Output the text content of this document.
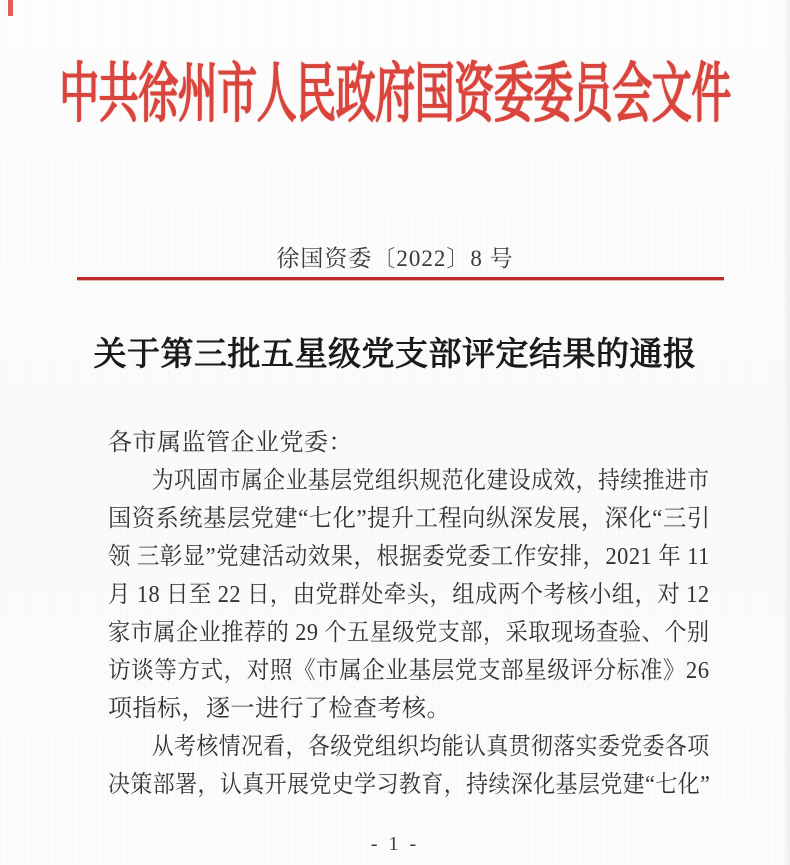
中共徐州市人民政府国资委委员会文件
徐国资委〔2022〕8 号
关于第三批五星级党支部评定结果的通报
各市属监管企业党委：
为巩固市属企业基层党组织规范化建设成效，持续推进市
国资系统基层党建“七化”提升工程向纵深发展，深化“三引
领 三彰显”党建活动效果，根据委党委工作安排，2021 年 11
月 18 日至 22 日，由党群处牵头，组成两个考核小组，对 12
家市属企业推荐的 29 个五星级党支部，采取现场查验、个别
访谈等方式，对照《市属企业基层党支部星级评分标准》26
项指标，逐一进行了检查考核。
从考核情况看，各级党组织均能认真贯彻落实委党委各项
决策部署，认真开展党史学习教育，持续深化基层党建“七化”
- 1 -
